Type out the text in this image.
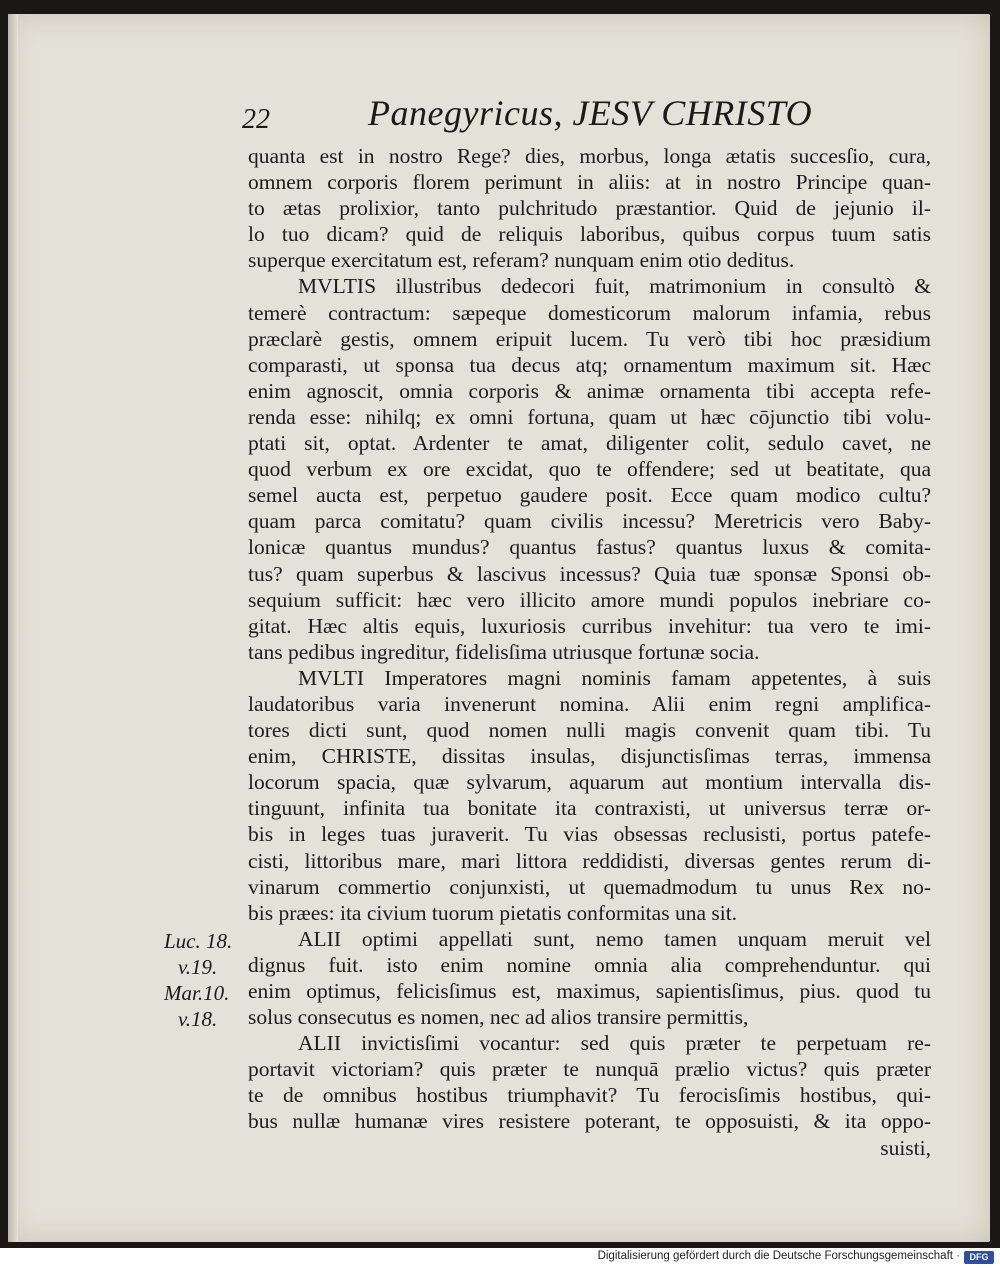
22	Panegyricus, JESV CHRISTO
quanta est in nostro Rege? dies, morbus, longa ætatis succesſio, cura,
omnem corporis florem perimunt in aliis: at in nostro Principe quan-
to ætas prolixior, tanto pulchritudo præstantior. Quid de jejunio il-
lo tuo dicam? quid de reliquis laboribus, quibus corpus tuum satis
superque exercitatum est, referam? nunquam enim otio deditus.
MVLTIS illustribus dedecori fuit, matrimonium in consultò &
temerè contractum: sæpeque domesticorum malorum infamia, rebus
præclarè gestis, omnem eripuit lucem. Tu verò tibi hoc præsidium
comparasti, ut sponsa tua decus atq; ornamentum maximum sit. Hæc
enim agnoscit, omnia corporis & animæ ornamenta tibi accepta refe-
renda esse: nihilq; ex omni fortuna, quam ut hæc cōjunctio tibi volu-
ptati sit, optat. Ardenter te amat, diligenter colit, sedulo cavet, ne
quod verbum ex ore excidat, quo te offendere; sed ut beatitate, qua
semel aucta est, perpetuo gaudere posit. Ecce quam modico cultu?
quam parca comitatu? quam civilis incessu? Meretricis vero Baby-
lonicæ quantus mundus? quantus fastus? quantus luxus & comita-
tus? quam superbus & lascivus incessus? Quia tuæ sponsæ Sponsi ob-
sequium sufficit: hæc vero illicito amore mundi populos inebriare co-
gitat. Hæc altis equis, luxuriosis curribus invehitur: tua vero te imi-
tans pedibus ingreditur, fidelisſima utriusque fortunæ socia.
MVLTI Imperatores magni nominis famam appetentes, à suis
laudatoribus varia invenerunt nomina. Alii enim regni amplifica-
tores dicti sunt, quod nomen nulli magis convenit quam tibi. Tu
enim, CHRISTE, dissitas insulas, disjunctisſimas terras, immensa
locorum spacia, quæ sylvarum, aquarum aut montium intervalla dis-
tinguunt, infinita tua bonitate ita contraxisti, ut universus terræ or-
bis in leges tuas juraverit. Tu vias obsessas reclusisti, portus patefe-
cisti, littoribus mare, mari littora reddidisti, diversas gentes rerum di-
vinarum commertio conjunxisti, ut quemadmodum tu unus Rex no-
bis præes: ita civium tuorum pietatis conformitas una sit.
ALII optimi appellati sunt, nemo tamen unquam meruit vel
dignus fuit. isto enim nomine omnia alia comprehenduntur. qui
enim optimus, felicisſimus est, maximus, sapientisſimus, pius. quod tu
solus consecutus es nomen, nec ad alios transire permittis,
ALII invictisſimi vocantur: sed quis præter te perpetuam re-
portavit victoriam? quis præter te nunquā prælio victus? quis præter
te de omnibus hostibus triumphavit? Tu ferocisſimis hostibus, qui-
bus nullæ humanæ vires resistere poterant, te opposuisti, & ita oppo-
suisti,
Luc. 18.
v.19.
Mar.10.
v.18.
Digitalisierung gefördert durch die Deutsche Forschungsgemeinschaft ·	DFG
